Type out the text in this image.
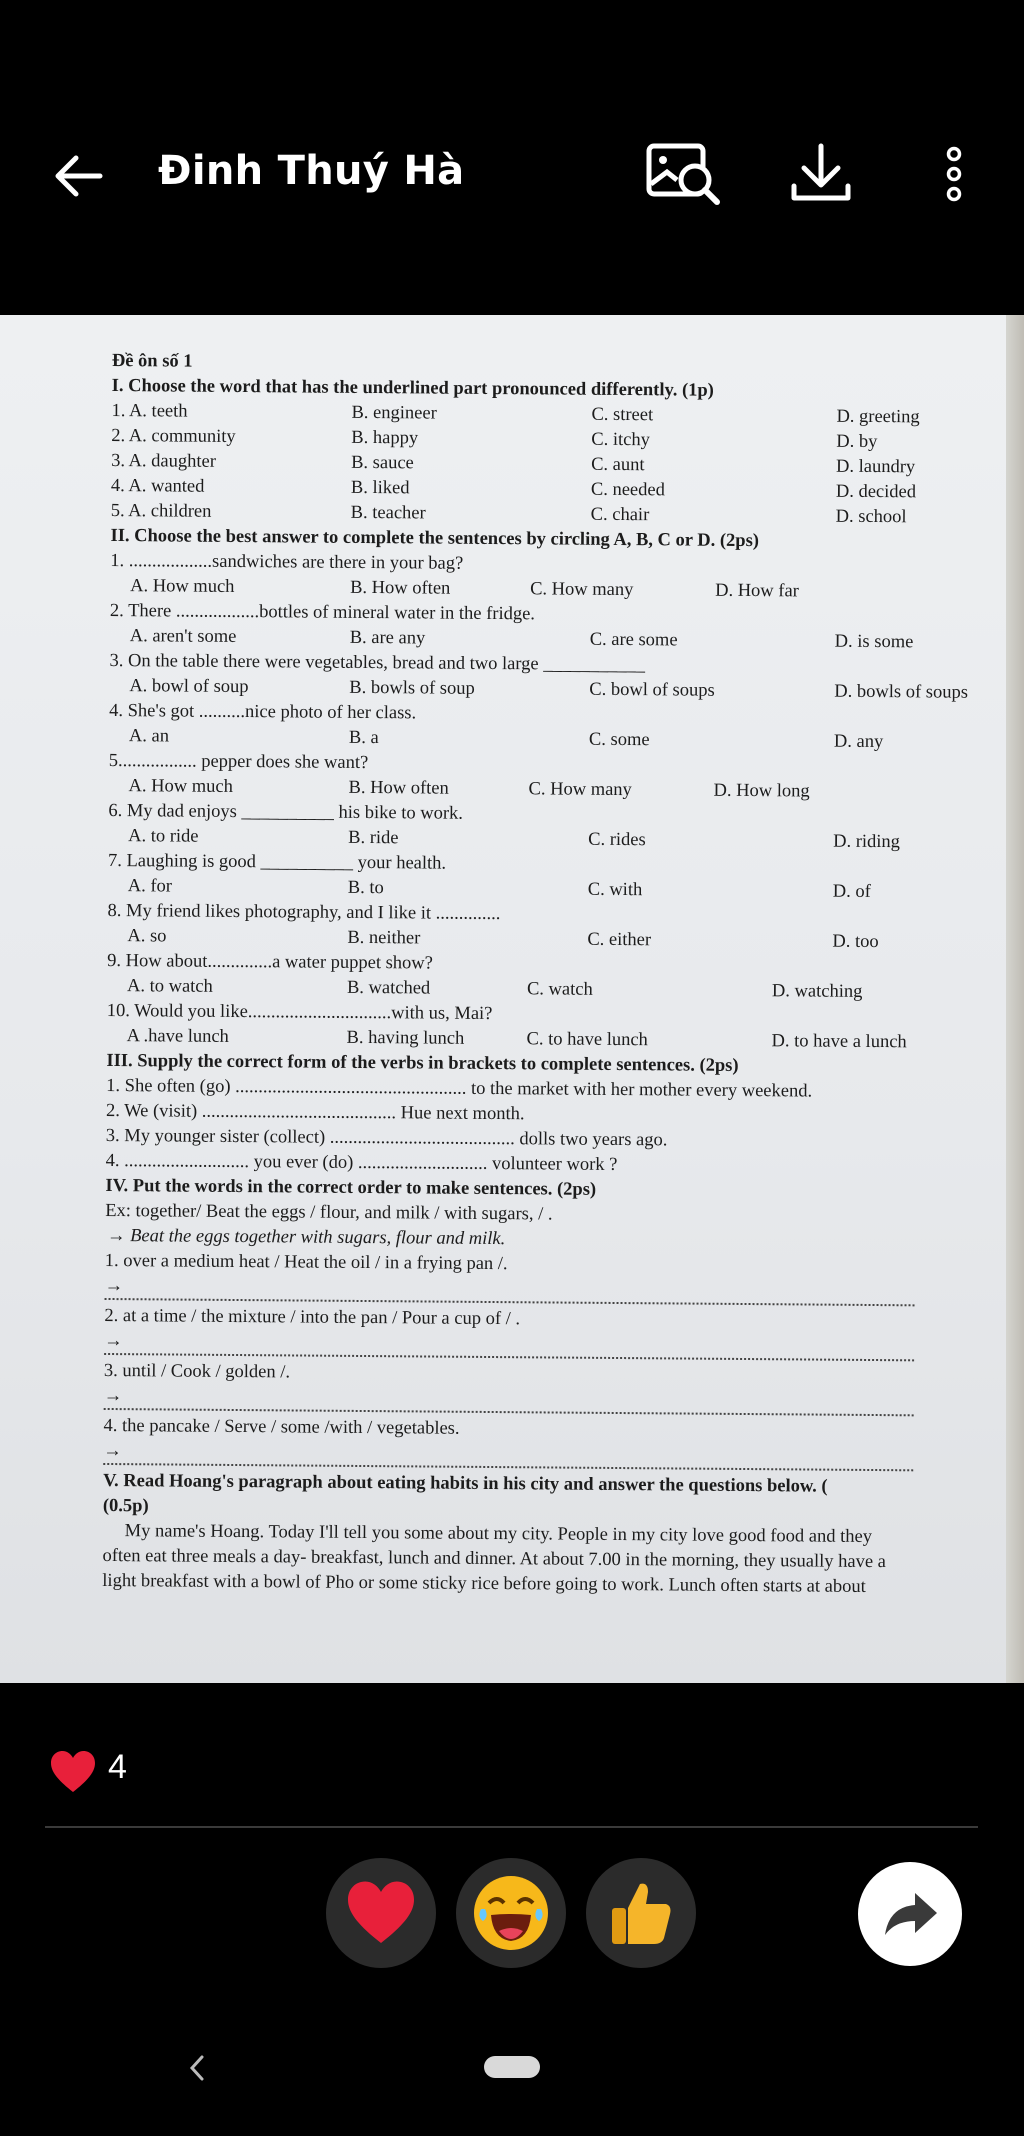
Đinh Thuý Hà
Đề ôn số 1
I. Choose the word that has the underlined part pronounced differently. (1p)
1. A. teeth	B. engineer	C. street	D. greeting
2. A. community	B. happy	C. itchy	D. by
3. A. daughter	B. sauce	C. aunt	D. laundry
4. A. wanted	B. liked	C. needed	D. decided
5. A. children	B. teacher	C. chair	D. school
II. Choose the best answer to complete the sentences by circling A, B, C or D. (2ps)
1. ..................sandwiches are there in your bag?
A. How much	B. How often	C. How many	D. How far
2. There ..................bottles of mineral water in the fridge.
A. aren't some	B. are any	C. are some	D. is some
3. On the table there were vegetables, bread and two large ___________
A. bowl of soup	B. bowls of soup	C. bowl of soups	D. bowls of soups
4. She's got ..........nice photo of her class.
A. an	B. a	C. some	D. any
5................. pepper does she want?
A. How much	B. How often	C. How many	D. How long
6. My dad enjoys __________ his bike to work.
A. to ride	B. ride	C. rides	D. riding
7. Laughing is good __________ your health.
A. for	B. to	C. with	D. of
8. My friend likes photography, and I like it ..............
A. so	B. neither	C. either	D. too
9. How about..............a water puppet show?
A. to watch	B. watched	C. watch	D. watching
10. Would you like...............................with us, Mai?
A .have lunch	B. having lunch	C. to have lunch	D. to have a lunch
III. Supply the correct form of the verbs in brackets to complete sentences. (2ps)
1. She often (go) .................................................. to the market with her mother every weekend.
2. We (visit) .......................................... Hue next month.
3. My younger sister (collect) ........................................ dolls two years ago.
4. ........................... you ever (do) ............................ volunteer work ?
IV. Put the words in the correct order to make sentences. (2ps)
Ex: together/ Beat the eggs / flour, and milk / with sugars, / .
→ Beat the eggs together with sugars, flour and milk.
1. over a medium heat / Heat the oil / in a frying pan /.
→
2. at a time / the mixture / into the pan / Pour a cup of / .
→
3. until / Cook / golden /.
→
4. the pancake / Serve / some /with / vegetables.
→
V. Read Hoang's paragraph about eating habits in his city and answer the questions below. (
(0.5p)
My name's Hoang. Today I'll tell you some about my city. People in my city love good food and they
often eat three meals a day- breakfast, lunch and dinner. At about 7.00 in the morning, they usually have a
light breakfast with a bowl of Pho or some sticky rice before going to work. Lunch often starts at about
4
